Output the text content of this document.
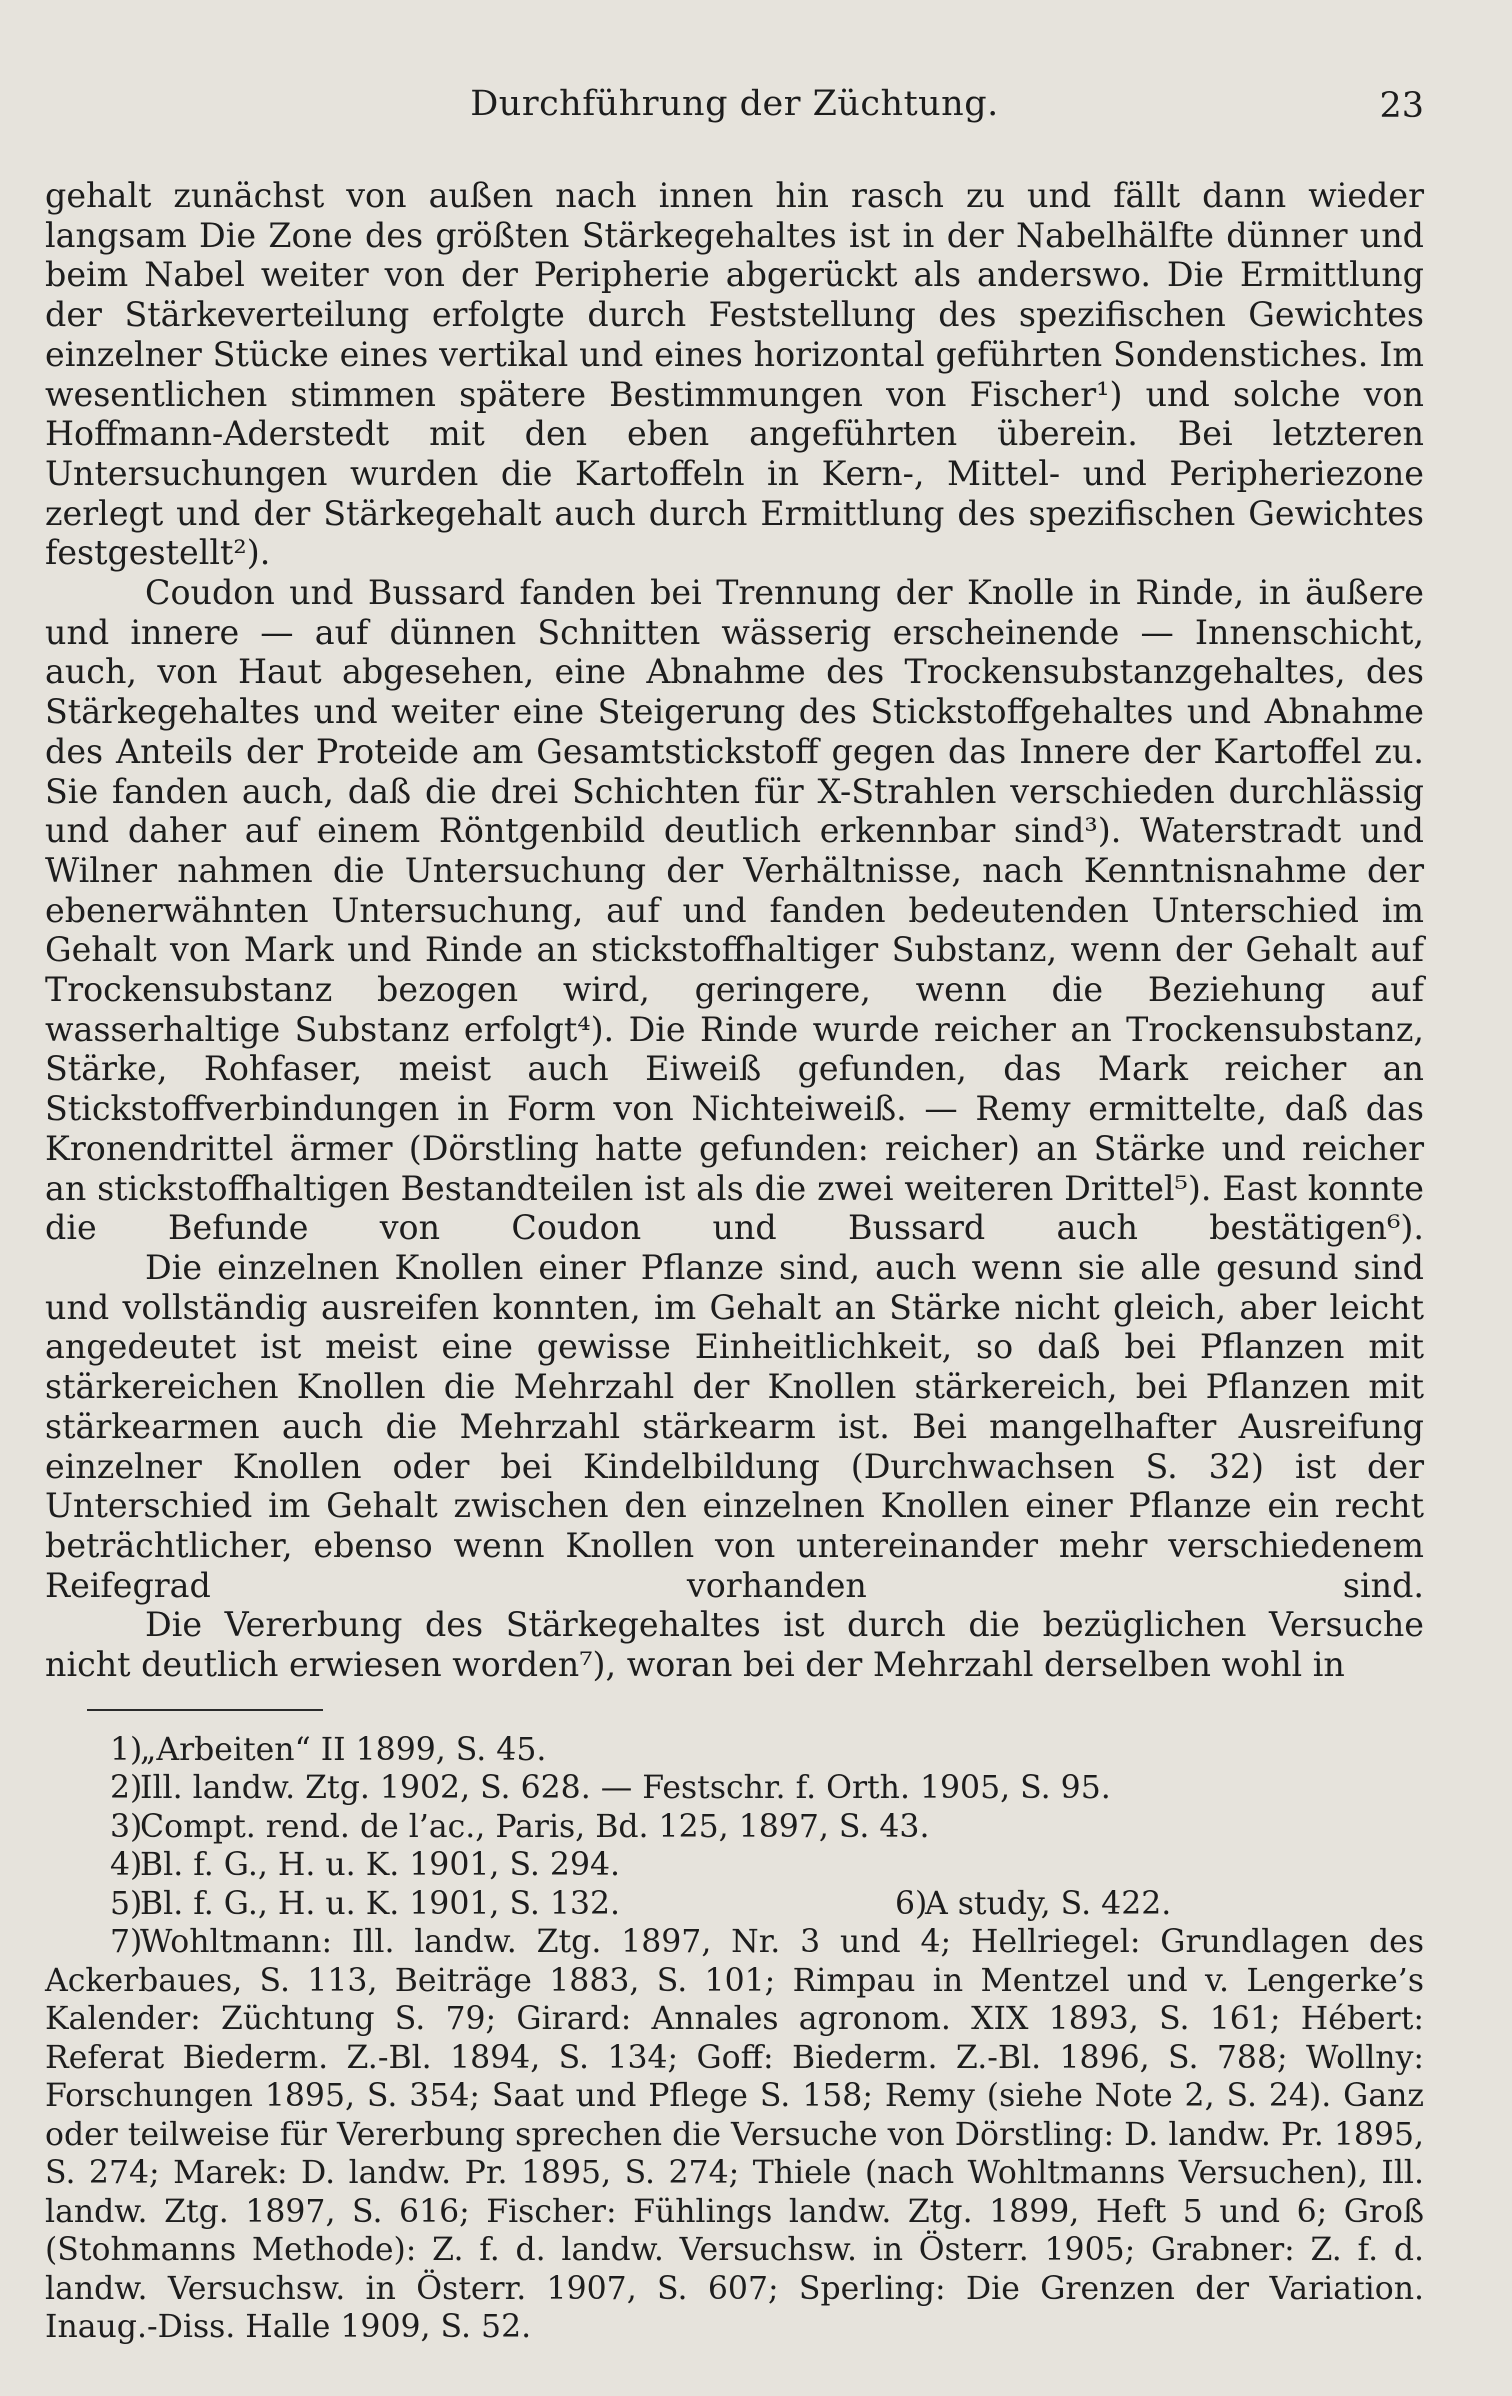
Durchführung der Züchtung.	23

gehalt zunächst von außen nach innen hin rasch zu und fällt dann wieder langsam Die Zone des größten Stärkegehaltes ist in der Nabelhälfte dünner und beim Nabel weiter von der Peripherie abgerückt als anderswo. Die Ermittlung der Stärkeverteilung erfolgte durch Feststellung des spezifischen Gewichtes einzelner Stücke eines vertikal und eines horizontal geführten Sondenstiches. Im wesentlichen stimmen spätere Bestimmungen von Fischer¹) und solche von Hoffmann-Aderstedt mit den eben angeführten überein. Bei letzteren Untersuchungen wurden die Kartoffeln in Kern-, Mittel- und Peripheriezone zerlegt und der Stärkegehalt auch durch Ermittlung des spezifischen Gewichtes festgestellt²).

Coudon und Bussard fanden bei Trennung der Knolle in Rinde, in äußere und innere — auf dünnen Schnitten wässerig erscheinende — Innenschicht, auch, von Haut abgesehen, eine Abnahme des Trockensubstanzgehaltes, des Stärkegehaltes und weiter eine Steigerung des Stickstoffgehaltes und Abnahme des Anteils der Proteide am Gesamtstickstoff gegen das Innere der Kartoffel zu. Sie fanden auch, daß die drei Schichten für X-Strahlen verschieden durchlässig und daher auf einem Röntgenbild deutlich erkennbar sind³). Waterstradt und Wilner nahmen die Untersuchung der Verhältnisse, nach Kenntnisnahme der ebenerwähnten Untersuchung, auf und fanden bedeutenden Unterschied im Gehalt von Mark und Rinde an stickstoffhaltiger Substanz, wenn der Gehalt auf Trockensubstanz bezogen wird, geringere, wenn die Beziehung auf wasserhaltige Substanz erfolgt⁴). Die Rinde wurde reicher an Trockensubstanz, Stärke, Rohfaser, meist auch Eiweiß gefunden, das Mark reicher an Stickstoffverbindungen in Form von Nichteiweiß. — Remy ermittelte, daß das Kronendrittel ärmer (Dörstling hatte gefunden: reicher) an Stärke und reicher an stickstoffhaltigen Bestandteilen ist als die zwei weiteren Drittel⁵). East konnte die Befunde von Coudon und Bussard auch bestätigen⁶).

Die einzelnen Knollen einer Pflanze sind, auch wenn sie alle gesund sind und vollständig ausreifen konnten, im Gehalt an Stärke nicht gleich, aber leicht angedeutet ist meist eine gewisse Einheitlichkeit, so daß bei Pflanzen mit stärkereichen Knollen die Mehrzahl der Knollen stärkereich, bei Pflanzen mit stärkearmen auch die Mehrzahl stärkearm ist. Bei mangelhafter Ausreifung einzelner Knollen oder bei Kindelbildung (Durchwachsen S. 32) ist der Unterschied im Gehalt zwischen den einzelnen Knollen einer Pflanze ein recht beträchtlicher, ebenso wenn Knollen von untereinander mehr verschiedenem Reifegrad vorhanden sind.

Die Vererbung des Stärkegehaltes ist durch die bezüglichen Versuche nicht deutlich erwiesen worden⁷), woran bei der Mehrzahl derselben wohl in

1)„Arbeiten“ II 1899, S. 45.

2)Ill. landw. Ztg. 1902, S. 628. — Festschr. f. Orth. 1905, S. 95.

3)Compt. rend. de l’ac., Paris, Bd. 125, 1897, S. 43.

4)Bl. f. G., H. u. K. 1901, S. 294.

5)Bl. f. G., H. u. K. 1901, S. 132.	6)A study, S. 422.

7)Wohltmann: Ill. landw. Ztg. 1897, Nr. 3 und 4; Hellriegel: Grundlagen des Ackerbaues, S. 113, Beiträge 1883, S. 101; Rimpau in Mentzel und v. Lengerke’s Kalender: Züchtung S. 79; Girard: Annales agronom. XIX 1893, S. 161; Hébert: Referat Biederm. Z.-Bl. 1894, S. 134; Goff: Biederm. Z.-Bl. 1896, S. 788; Wollny: Forschungen 1895, S. 354; Saat und Pflege S. 158; Remy (siehe Note 2, S. 24). Ganz oder teilweise für Vererbung sprechen die Versuche von Dörstling: D. landw. Pr. 1895, S. 274; Marek: D. landw. Pr. 1895, S. 274; Thiele (nach Wohltmanns Versuchen), Ill. landw. Ztg. 1897, S. 616; Fischer: Fühlings landw. Ztg. 1899, Heft 5 und 6; Groß (Stohmanns Methode): Z. f. d. landw. Versuchsw. in Österr. 1905; Grabner: Z. f. d. landw. Versuchsw. in Österr. 1907, S. 607; Sperling: Die Grenzen der Variation. Inaug.-Diss. Halle 1909, S. 52.
